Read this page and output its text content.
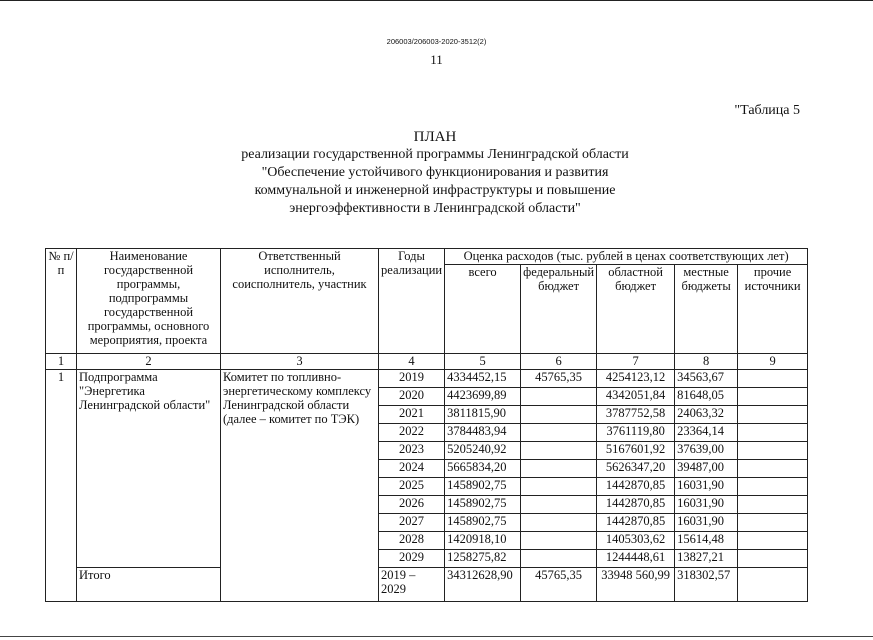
206003/206003-2020-3512(2)
11
"Таблица 5
ПЛАН
реализации государственной программы Ленинградской области
"Обеспечение устойчивого функционирования и развития
коммунальной и инженерной инфраструктуры и повышение
энергоэффективности в Ленинградской области"
№ п/п	Наименование государственной программы, подпрограммы государственной программы, основного мероприятия, проекта	Ответственный исполнитель, соисполнитель, участник	Годы реализации	Оценка расходов (тыс. рублей в ценах соответствующих лет)				
				всего	федеральный бюджет	областной бюджет	местные бюджеты	прочие источники
1	2	3	4	5	6	7	8	9
1	Подпрограмма "Энергетика Ленинградской области"	Комитет по топливно-энергетическому комплексу Ленинградской области (далее – комитет по ТЭК)	2019	4334452,15	45765,35	4254123,12	34563,67	
			2020	4423699,89		4342051,84	81648,05	
			2021	3811815,90		3787752,58	24063,32	
			2022	3784483,94		3761119,80	23364,14	
			2023	5205240,92		5167601,92	37639,00	
			2024	5665834,20		5626347,20	39487,00	
			2025	1458902,75		1442870,85	16031,90	
			2026	1458902,75		1442870,85	16031,90	
			2027	1458902,75		1442870,85	16031,90	
			2028	1420918,10		1405303,62	15614,48	
			2029	1258275,82		1244448,61	13827,21	
	Итого		2019 – 2029	34312628,90	45765,35	33948 560,99	318302,57	
